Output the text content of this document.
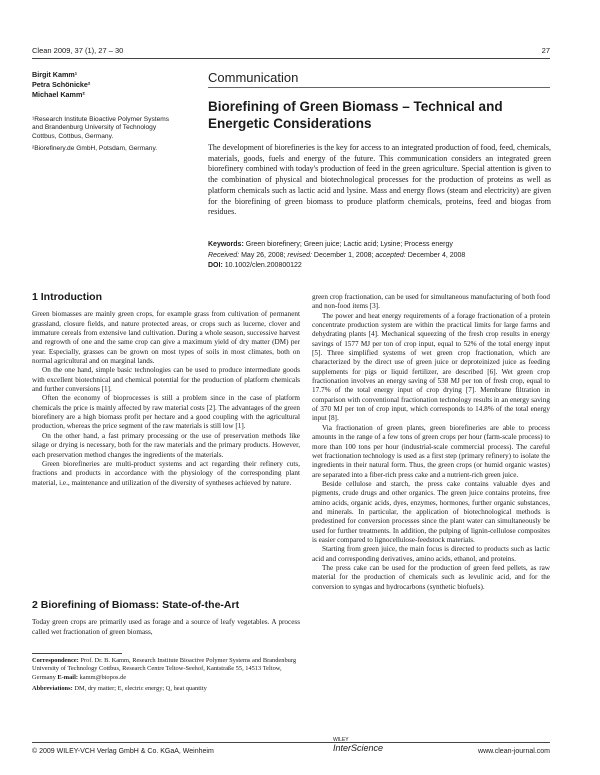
Clean 2009, 37 (1), 27 – 30	27
Birgit Kamm¹
Petra Schönicke²
Michael Kamm²

¹Research Institute Bioactive Polymer Systems and Brandenburg University of Technology Cottbus, Cottbus, Germany.

²Biorefinery.de GmbH, Potsdam, Germany.

Communication
Biorefining of Green Biomass – Technical and Energetic Considerations
The development of biorefineries is the key for access to an integrated production of food, feed, chemicals, materials, goods, fuels and energy of the future. This communication considers an integrated green biorefinery combined with today's production of feed in the green agriculture. Special attention is given to the combination of physical and biotechnological processes for the production of proteins as well as platform chemicals such as lactic acid and lysine. Mass and energy flows (steam and electricity) are given for the biorefining of green biomass to produce platform chemicals, proteins, feed and biogas from residues.
Keywords: Green biorefinery; Green juice; Lactic acid; Lysine; Process energy
Received: May 26, 2008; revised: December 1, 2008; accepted: December 4, 2008
DOI: 10.1002/clen.200800122
1 Introduction

Green biomasses are mainly green crops, for example grass from cultivation of permanent grassland, closure fields, and nature protected areas, or crops such as lucerne, clover and immature cereals from extensive land cultivation. During a whole season, successive harvest and regrowth of one and the same crop can give a maximum yield of dry matter (DM) per year. Especially, grasses can be grown on most types of soils in most climates, both on normal agricultural and on marginal lands.

On the one hand, simple basic technologies can be used to produce intermediate goods with excellent biotechnical and chemical potential for the production of platform chemicals and further conversions [1].

Often the economy of bioprocesses is still a problem since in the case of platform chemicals the price is mainly affected by raw material costs [2]. The advantages of the green biorefinery are a high biomass profit per hectare and a good coupling with the agricultural production, whereas the price segment of the raw materials is still low [1].

On the other hand, a fast primary processing or the use of preservation methods like silage or drying is necessary, both for the raw materials and the primary products. However, each preservation method changes the ingredients of the materials.

Green biorefineries are multi-product systems and act regarding their refinery cuts, fractions and products in accordance with the physiology of the corresponding plant material, i.e., maintenance and utilization of the diversity of syntheses achieved by nature.

2 Biorefining of Biomass: State-of-the-Art

Today green crops are primarily used as forage and a source of leafy vegetables. A process called wet fractionation of green biomass,

Correspondence: Prof. Dr. B. Kamm, Research Institute Bioactive Polymer Systems and Brandenburg University of Technology Cottbus, Research Centre Teltow-Seehof, Kantstraße 55, 14513 Teltow, Germany E-mail: kamm@biopos.de

Abbreviations: DM, dry matter; E, electric energy; Q, heat quantity

green crop fractionation, can be used for simultaneous manufacturing of both food and non-food items [3].

The power and heat energy requirements of a forage fractionation of a protein concentrate production system are within the practical limits for large farms and dehydrating plants [4]. Mechanical squeezing of the fresh crop results in energy savings of 1577 MJ per ton of crop input, equal to 52% of the total energy input [5]. Three simplified systems of wet green crop fractionation, which are characterized by the direct use of green juice or deproteinized juice as feeding supplements for pigs or liquid fertilizer, are described [6]. Wet green crop fractionation involves an energy saving of 538 MJ per ton of fresh crop, equal to 17.7% of the total energy input of crop drying [7]. Membrane filtration in comparison with conventional fractionation technology results in an energy saving of 370 MJ per ton of crop input, which corresponds to 14.8% of the total energy input [8].

Via fractionation of green plants, green biorefineries are able to process amounts in the range of a few tons of green crops per hour (farm-scale process) to more than 100 tons per hour (industrial-scale commercial process). The careful wet fractionation technology is used as a first step (primary refinery) to isolate the ingredients in their natural form. Thus, the green crops (or humid organic wastes) are separated into a fiber-rich press cake and a nutrient-rich green juice.

Beside cellulose and starch, the press cake contains valuable dyes and pigments, crude drugs and other organics. The green juice contains proteins, free amino acids, organic acids, dyes, enzymes, hormones, further organic substances, and minerals. In particular, the application of biotechnological methods is predestined for conversion processes since the plant water can simultaneously be used for further treatments. In addition, the pulping of lignin-cellulose composites is easier compared to lignocellulose-feedstock materials.

Starting from green juice, the main focus is directed to products such as lactic acid and corresponding derivatives, amino acids, ethanol, and proteins.

The press cake can be used for the production of green feed pellets, as raw material for the production of chemicals such as levulinic acid, and for the conversion to syngas and hydrocarbons (synthetic biofuels).

© 2009 WILEY-VCH Verlag GmbH & Co. KGaA, Weinheim
WILEY
InterScience	www.clean-journal.com
